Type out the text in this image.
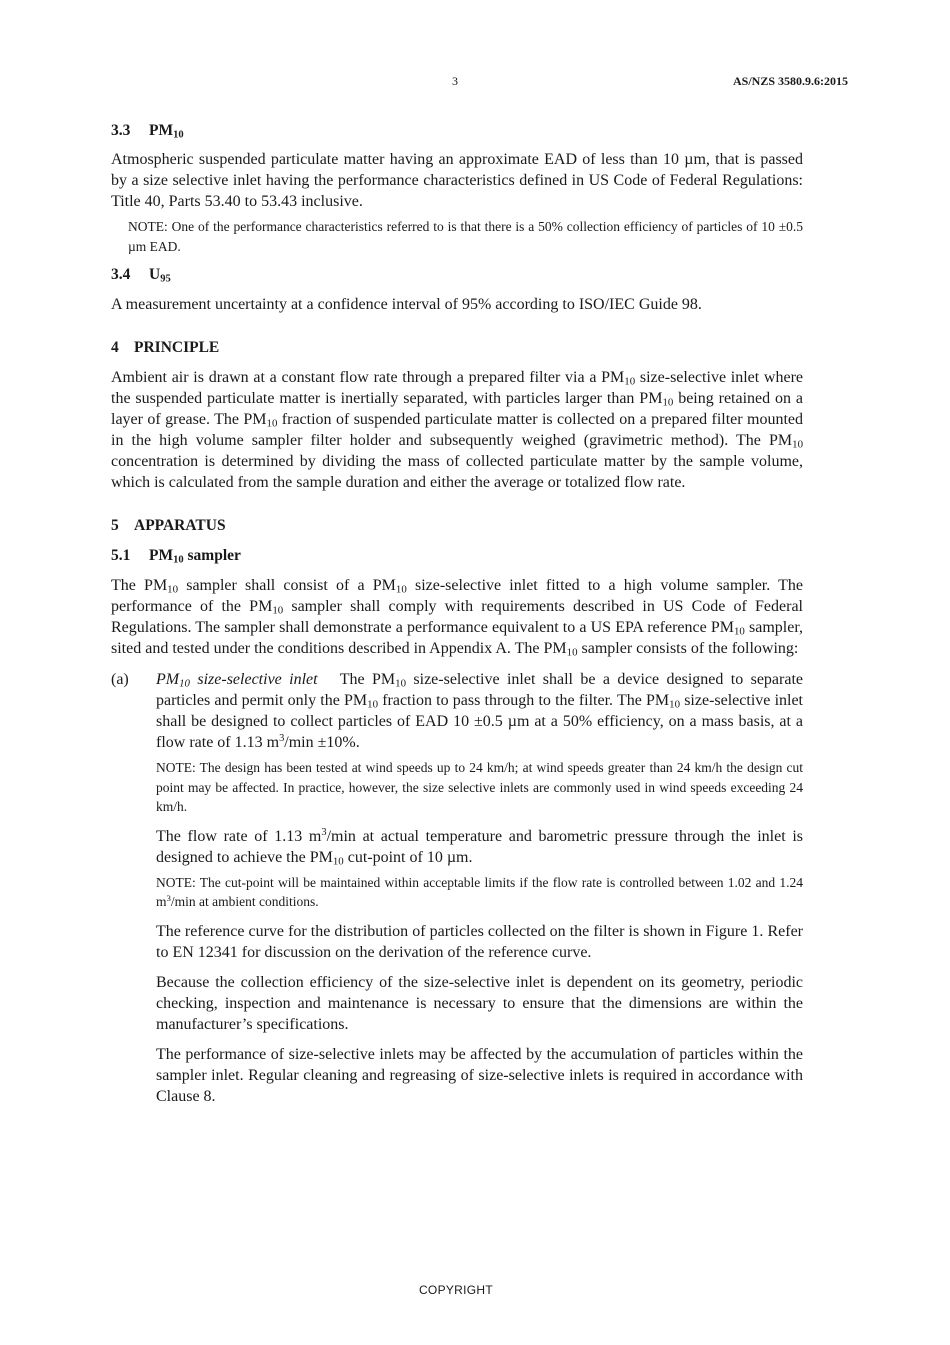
3	AS/NZS 3580.9.6:2015

3.3 $PM_{10}$

Atmospheric suspended particulate matter having an approximate EAD of less than 10 µm, that is passed by a size selective inlet having the performance characteristics defined in US Code of Federal Regulations: Title 40, Parts 53.40 to 53.43 inclusive.

NOTE: One of the performance characteristics referred to is that there is a 50% collection efficiency of particles of 10 ±0.5 µm EAD.

3.4 $U_{95}$

A measurement uncertainty at a confidence interval of 95% according to ISO/IEC Guide 98.

4 PRINCIPLE

Ambient air is drawn at a constant flow rate through a prepared filter via a $PM_{10}$ size-selective inlet where the suspended particulate matter is inertially separated, with particles larger than $PM_{10}$ being retained on a layer of grease. The $PM_{10}$ fraction of suspended particulate matter is collected on a prepared filter mounted in the high volume sampler filter holder and subsequently weighed (gravimetric method). The $PM_{10}$ concentration is determined by dividing the mass of collected particulate matter by the sample volume, which is calculated from the sample duration and either the average or totalized flow rate.

5 APPARATUS

5.1 $PM_{10}$ sampler

The $PM_{10}$ sampler shall consist of a $PM_{10}$ size-selective inlet fitted to a high volume sampler. The performance of the $PM_{10}$ sampler shall comply with requirements described in US Code of Federal Regulations. The sampler shall demonstrate a performance equivalent to a US EPA reference $PM_{10}$ sampler, sited and tested under the conditions described in Appendix A. The $PM_{10}$ sampler consists of the following:

(a) $PM_{10}$ size-selective inlet The $PM_{10}$ size-selective inlet shall be a device designed to separate particles and permit only the $PM_{10}$ fraction to pass through to the filter. The $PM_{10}$ size-selective inlet shall be designed to collect particles of EAD 10 ±0.5 µm at a 50% efficiency, on a mass basis, at a flow rate of 1.13 $m^3/\min \pm 10\%$.

NOTE: The design has been tested at wind speeds up to 24 km/h; at wind speeds greater than 24 km/h the design cut point may be affected. In practice, however, the size selective inlets are commonly used in wind speeds exceeding 24 km/h.

The flow rate of 1.13 $m^3/\min$ at actual temperature and barometric pressure through the inlet is designed to achieve the $PM_{10}$ cut-point of 10 µm.

NOTE: The cut-point will be maintained within acceptable limits if the flow rate is controlled between 1.02 and 1.24 $m^3/\min$ at ambient conditions.

The reference curve for the distribution of particles collected on the filter is shown in Figure 1. Refer to EN 12341 for discussion on the derivation of the reference curve.

Because the collection efficiency of the size-selective inlet is dependent on its geometry, periodic checking, inspection and maintenance is necessary to ensure that the dimensions are within the manufacturer’s specifications.

The performance of size-selective inlets may be affected by the accumulation of particles within the sampler inlet. Regular cleaning and regreasing of size-selective inlets is required in accordance with Clause 8.

COPYRIGHT
